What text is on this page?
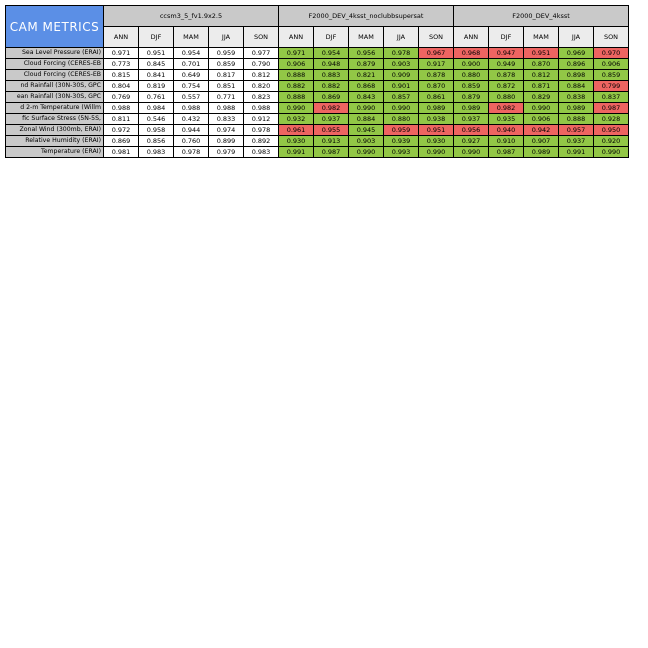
CAM METRICS	ccsm3_5_fv1.9x2.5					F2000_DEV_4ksst_noclubbsupersat					F2000_DEV_4ksst				
	ANN	DJF	MAM	JJA	SON	ANN	DJF	MAM	JJA	SON	ANN	DJF	MAM	JJA	SON
Sea Level Pressure (ERAI)	0.971	0.951	0.954	0.959	0.977	0.971	0.954	0.956	0.978	0.967	0.968	0.947	0.951	0.969	0.970
Cloud Forcing (CERES-EB	0.773	0.845	0.701	0.859	0.790	0.906	0.948	0.879	0.903	0.917	0.900	0.949	0.870	0.896	0.906
Cloud Forcing (CERES-EB	0.815	0.841	0.649	0.817	0.812	0.888	0.883	0.821	0.909	0.878	0.880	0.878	0.812	0.898	0.859
nd Rainfall (30N-30S, GPC	0.804	0.819	0.754	0.851	0.820	0.882	0.882	0.868	0.901	0.870	0.859	0.872	0.871	0.884	0.799
ean Rainfall (30N-30S, GPC	0.769	0.761	0.557	0.771	0.823	0.888	0.869	0.843	0.857	0.861	0.879	0.880	0.829	0.838	0.837
d 2-m Temperature (Willm	0.988	0.984	0.988	0.988	0.988	0.990	0.982	0.990	0.990	0.989	0.989	0.982	0.990	0.989	0.987
fic Surface Stress (5N-5S,	0.811	0.546	0.432	0.833	0.912	0.932	0.937	0.884	0.880	0.938	0.937	0.935	0.906	0.888	0.928
Zonal Wind (300mb, ERAI)	0.972	0.958	0.944	0.974	0.978	0.961	0.955	0.945	0.959	0.951	0.956	0.940	0.942	0.957	0.950
Relative Humidity (ERAI)	0.869	0.856	0.760	0.899	0.892	0.930	0.913	0.903	0.939	0.930	0.927	0.910	0.907	0.937	0.920
Temperature (ERAI)	0.981	0.983	0.978	0.979	0.983	0.991	0.987	0.990	0.993	0.990	0.990	0.987	0.989	0.991	0.990
